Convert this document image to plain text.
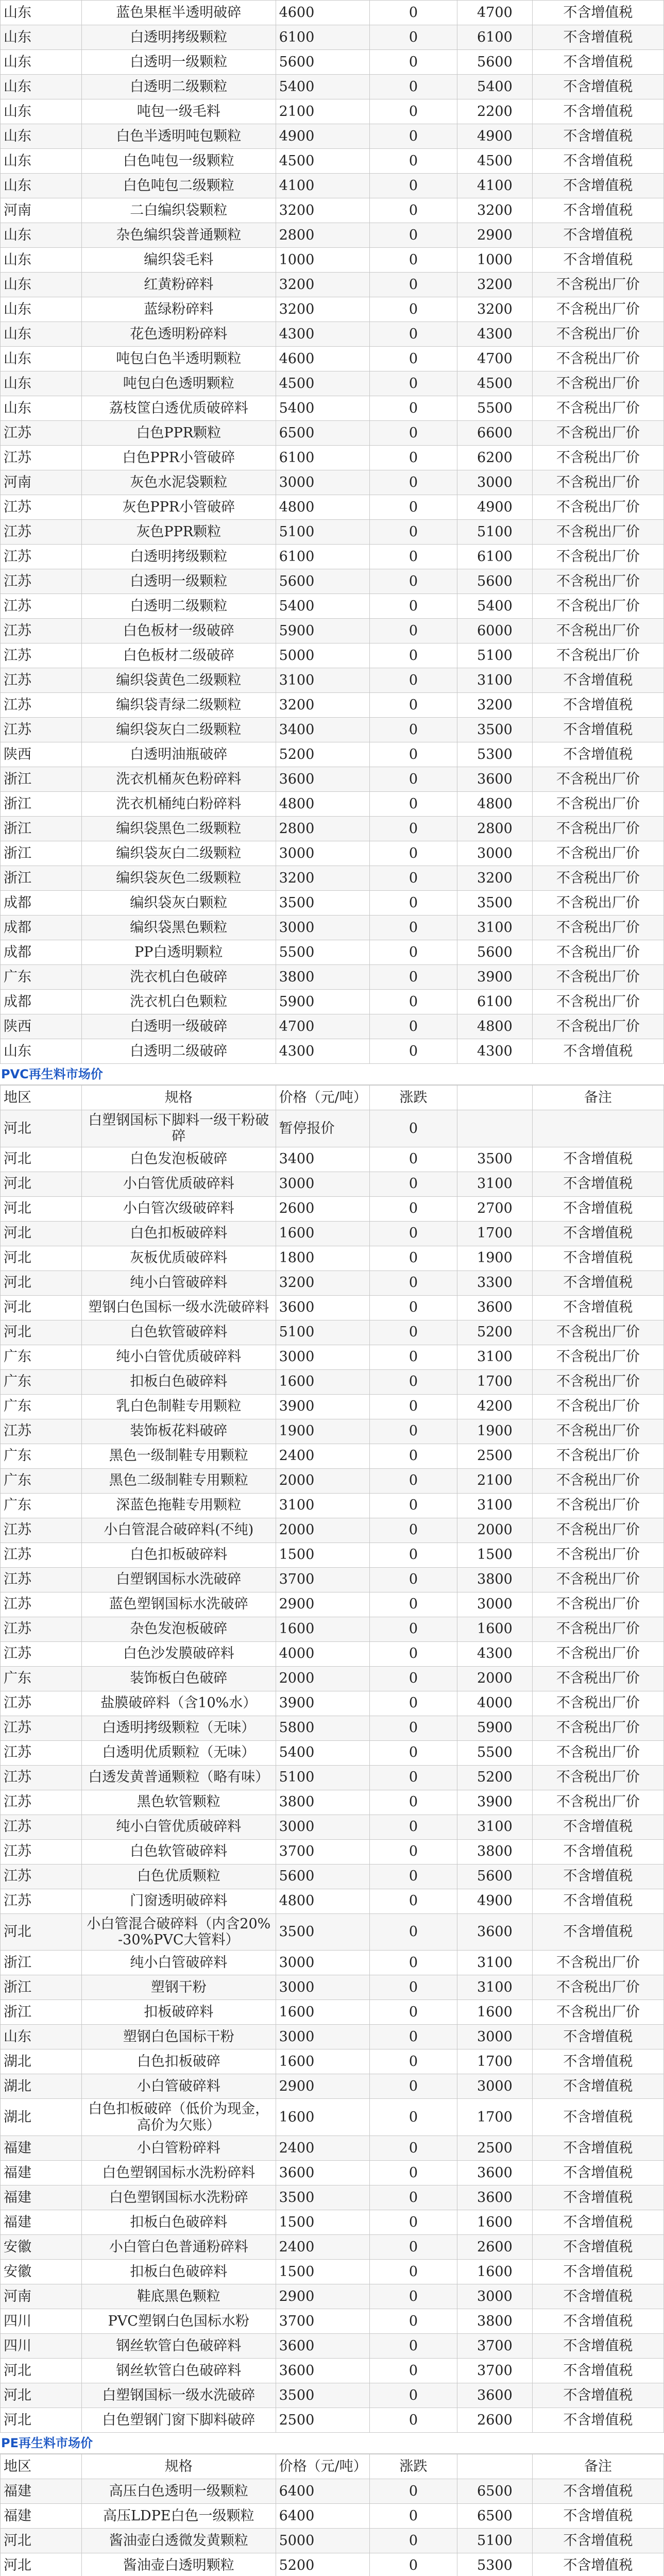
山东	蓝色果框半透明破碎	4600	0	4700	不含增值税
山东	白透明拷级颗粒	6100	0	6100	不含增值税
山东	白透明一级颗粒	5600	0	5600	不含增值税
山东	白透明二级颗粒	5400	0	5400	不含增值税
山东	吨包一级毛料	2100	0	2200	不含增值税
山东	白色半透明吨包颗粒	4900	0	4900	不含增值税
山东	白色吨包一级颗粒	4500	0	4500	不含增值税
山东	白色吨包二级颗粒	4100	0	4100	不含增值税
河南	二白编织袋颗粒	3200	0	3200	不含增值税
山东	杂色编织袋普通颗粒	2800	0	2900	不含增值税
山东	编织袋毛料	1000	0	1000	不含增值税
山东	红黄粉碎料	3200	0	3200	不含税出厂价
山东	蓝绿粉碎料	3200	0	3200	不含税出厂价
山东	花色透明粉碎料	4300	0	4300	不含税出厂价
山东	吨包白色半透明颗粒	4600	0	4700	不含税出厂价
山东	吨包白色透明颗粒	4500	0	4500	不含税出厂价
山东	荔枝筐白透优质破碎料	5400	0	5500	不含税出厂价
江苏	白色PPR颗粒	6500	0	6600	不含税出厂价
江苏	白色PPR小管破碎	6100	0	6200	不含税出厂价
河南	灰色水泥袋颗粒	3000	0	3000	不含税出厂价
江苏	灰色PPR小管破碎	4800	0	4900	不含税出厂价
江苏	灰色PPR颗粒	5100	0	5100	不含税出厂价
江苏	白透明拷级颗粒	6100	0	6100	不含税出厂价
江苏	白透明一级颗粒	5600	0	5600	不含税出厂价
江苏	白透明二级颗粒	5400	0	5400	不含税出厂价
江苏	白色板材一级破碎	5900	0	6000	不含税出厂价
江苏	白色板材二级破碎	5000	0	5100	不含税出厂价
江苏	编织袋黄色二级颗粒	3100	0	3100	不含增值税
江苏	编织袋青绿二级颗粒	3200	0	3200	不含增值税
江苏	编织袋灰白二级颗粒	3400	0	3500	不含增值税
陕西	白透明油瓶破碎	5200	0	5300	不含增值税
浙江	洗衣机桶灰色粉碎料	3600	0	3600	不含税出厂价
浙江	洗衣机桶纯白粉碎料	4800	0	4800	不含税出厂价
浙江	编织袋黑色二级颗粒	2800	0	2800	不含税出厂价
浙江	编织袋灰白二级颗粒	3000	0	3000	不含税出厂价
浙江	编织袋灰色二级颗粒	3200	0	3200	不含税出厂价
成都	编织袋灰白颗粒	3500	0	3500	不含税出厂价
成都	编织袋黑色颗粒	3000	0	3100	不含税出厂价
成都	PP白透明颗粒	5500	0	5600	不含税出厂价
广东	洗衣机白色破碎	3800	0	3900	不含税出厂价
成都	洗衣机白色颗粒	5900	0	6100	不含税出厂价
陕西	白透明一级破碎	4700	0	4800	不含税出厂价
山东	白透明二级破碎	4300	0	4300	不含增值税
PVC再生料市场价
地区	规格	价格（元/吨）	涨跌		备注
河北	白塑钢国标下脚料一级干粉破碎	暂停报价	0		
河北	白色发泡板破碎	3400	0	3500	不含增值税
河北	小白管优质破碎料	3000	0	3100	不含增值税
河北	小白管次级破碎料	2600	0	2700	不含增值税
河北	白色扣板破碎料	1600	0	1700	不含增值税
河北	灰板优质破碎料	1800	0	1900	不含增值税
河北	纯小白管破碎料	3200	0	3300	不含增值税
河北	塑钢白色国标一级水洗破碎料	3600	0	3600	不含增值税
河北	白色软管破碎料	5100	0	5200	不含税出厂价
广东	纯小白管优质破碎料	3000	0	3100	不含税出厂价
广东	扣板白色破碎料	1600	0	1700	不含税出厂价
广东	乳白色制鞋专用颗粒	3900	0	4200	不含税出厂价
江苏	装饰板花料破碎	1900	0	1900	不含税出厂价
广东	黑色一级制鞋专用颗粒	2400	0	2500	不含税出厂价
广东	黑色二级制鞋专用颗粒	2000	0	2100	不含税出厂价
广东	深蓝色拖鞋专用颗粒	3100	0	3100	不含税出厂价
江苏	小白管混合破碎料(不纯)	2000	0	2000	不含税出厂价
江苏	白色扣板破碎料	1500	0	1500	不含税出厂价
江苏	白塑钢国标水洗破碎	3700	0	3800	不含税出厂价
江苏	蓝色塑钢国标水洗破碎	2900	0	3000	不含税出厂价
江苏	杂色发泡板破碎	1600	0	1600	不含税出厂价
江苏	白色沙发膜破碎料	4000	0	4300	不含税出厂价
广东	装饰板白色破碎	2000	0	2000	不含税出厂价
江苏	盐膜破碎料（含10%水）	3900	0	4000	不含税出厂价
江苏	白透明拷级颗粒（无味）	5800	0	5900	不含税出厂价
江苏	白透明优质颗粒（无味）	5400	0	5500	不含税出厂价
江苏	白透发黄普通颗粒（略有味）	5100	0	5200	不含税出厂价
江苏	黑色软管颗粒	3800	0	3900	不含税出厂价
江苏	纯小白管优质破碎料	3000	0	3100	不含增值税
江苏	白色软管破碎料	3700	0	3800	不含增值税
江苏	白色优质颗粒	5600	0	5600	不含增值税
江苏	门窗透明破碎料	4800	0	4900	不含增值税
河北	小白管混合破碎料（内含20%-30%PVC大管料）	3500	0	3600	不含增值税
浙江	纯小白管破碎料	3000	0	3100	不含税出厂价
浙江	塑钢干粉	3000	0	3100	不含税出厂价
浙江	扣板破碎料	1600	0	1600	不含税出厂价
山东	塑钢白色国标干粉	3000	0	3000	不含增值税
湖北	白色扣板破碎	1600	0	1700	不含增值税
湖北	小白管破碎料	2900	0	3000	不含增值税
湖北	白色扣板破碎（低价为现金，高价为欠账）	1600	0	1700	不含增值税
福建	小白管粉碎料	2400	0	2500	不含增值税
福建	白色塑钢国标水洗粉碎料	3600	0	3600	不含增值税
福建	白色塑钢国标水洗粉碎	3500	0	3600	不含增值税
福建	扣板白色破碎料	1500	0	1600	不含增值税
安徽	小白管白色普通粉碎料	2400	0	2600	不含增值税
安徽	扣板白色破碎料	1500	0	1600	不含增值税
河南	鞋底黑色颗粒	2900	0	3000	不含增值税
四川	PVC塑钢白色国标水粉	3700	0	3800	不含增值税
四川	钢丝软管白色破碎料	3600	0	3700	不含增值税
河北	钢丝软管白色破碎料	3600	0	3700	不含增值税
河北	白塑钢国标一级水洗破碎	3500	0	3600	不含增值税
河北	白色塑钢门窗下脚料破碎	2500	0	2600	不含增值税
PE再生料市场价
地区	规格	价格（元/吨）	涨跌		备注
福建	高压白色透明一级颗粒	6400	0	6500	不含增值税
福建	高压LDPE白色一级颗粒	6400	0	6500	不含增值税
河北	酱油壶白透微发黄颗粒	5000	0	5100	不含增值税
河北	酱油壶白透明颗粒	5200	0	5300	不含增值税
